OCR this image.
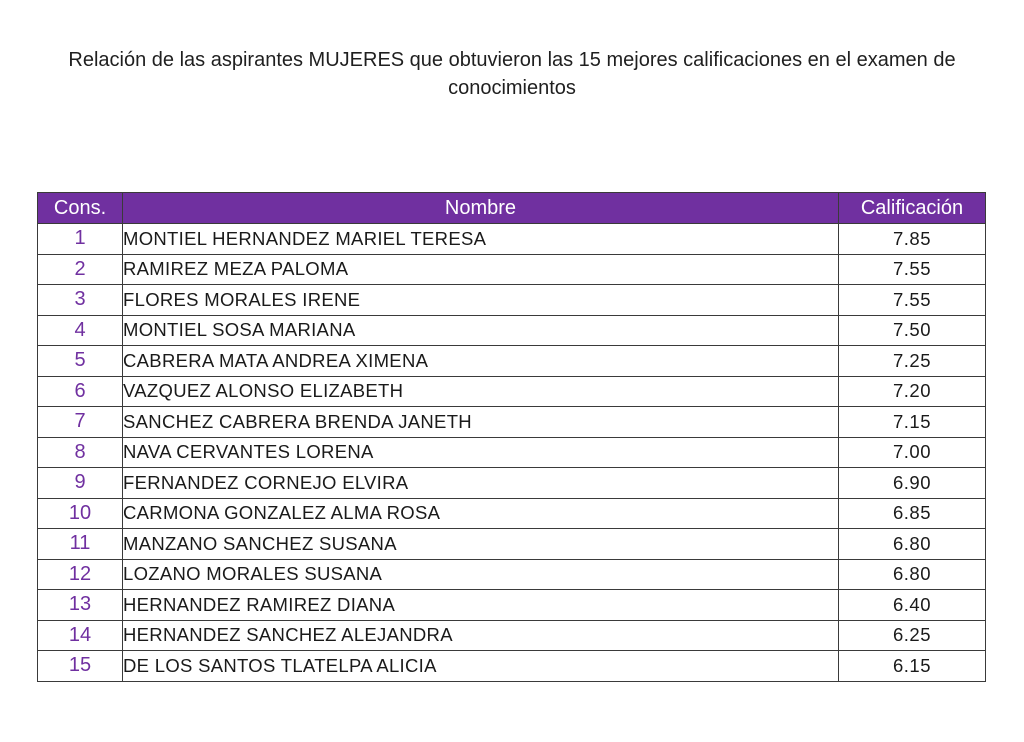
Relación de las aspirantes MUJERES que obtuvieron las 15 mejores calificaciones en el examen de conocimientos
Cons.	Nombre	Calificación
1	MONTIEL HERNANDEZ MARIEL TERESA	7.85
2	RAMIREZ MEZA PALOMA	7.55
3	FLORES MORALES IRENE	7.55
4	MONTIEL SOSA MARIANA	7.50
5	CABRERA MATA ANDREA XIMENA	7.25
6	VAZQUEZ ALONSO ELIZABETH	7.20
7	SANCHEZ CABRERA BRENDA JANETH	7.15
8	NAVA CERVANTES LORENA	7.00
9	FERNANDEZ CORNEJO ELVIRA	6.90
10	CARMONA GONZALEZ ALMA ROSA	6.85
11	MANZANO SANCHEZ SUSANA	6.80
12	LOZANO MORALES SUSANA	6.80
13	HERNANDEZ RAMIREZ DIANA	6.40
14	HERNANDEZ SANCHEZ ALEJANDRA	6.25
15	DE LOS SANTOS TLATELPA ALICIA	6.15
